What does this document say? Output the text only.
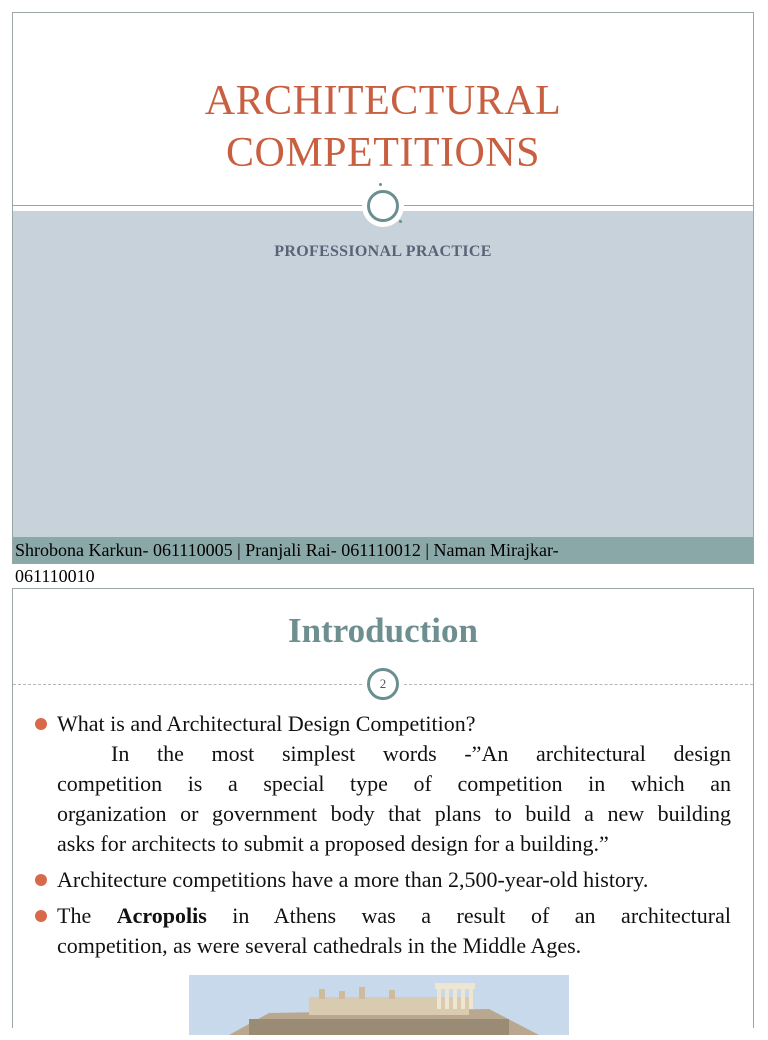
ARCHITECTURAL
COMPETITIONS
PROFESSIONAL PRACTICE
Shrobona Karkun- 061110005 | Pranjali Rai- 061110012 | Naman Mirajkar-
061110010
Introduction
2
What is and Architectural Design Competition?
In the most simplest words -”An architectural design
competition is a special type of competition in which an
organization or government body that plans to build a new building
asks for architects to submit a proposed design for a building.”
Architecture competitions have a more than 2,500-year-old history.
The Acropolis in Athens was a result of an architectural
competition, as were several cathedrals in the Middle Ages.
